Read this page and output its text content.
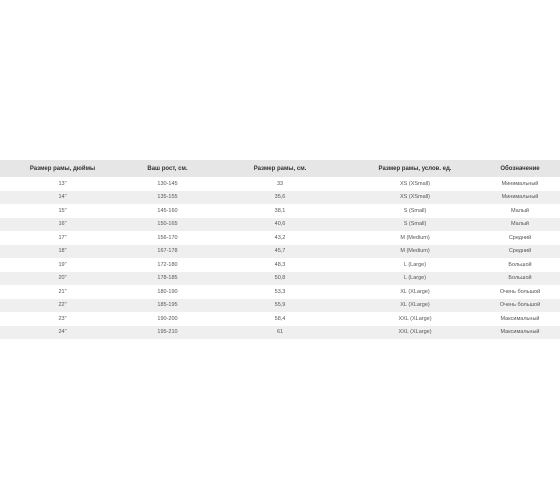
Размер рамы, дюймы	Ваш рост, см.	Размер рамы, см.	Размер рамы, услов. ед.	Обозначение
13"	130-145	33	XS (XSmall)	Минимальный
14"	135-155	35,6	XS (XSmall)	Минимальный
15"	145-160	38,1	S (Small)	Малый
16"	150-165	40,6	S (Small)	Малый
17"	156-170	43,2	M (Medium)	Средний
18"	167-178	45,7	M (Medium)	Средний
19"	172-180	48,3	L (Large)	Большой
20"	178-185	50,8	L (Large)	Большой
21"	180-190	53,3	XL (XLarge)	Очень большой
22"	185-195	55,9	XL (XLarge)	Очень большой
23"	190-200	58,4	XXL (XLarge)	Максимальный
24"	195-210	61	XXL (XLarge)	Максимальный
